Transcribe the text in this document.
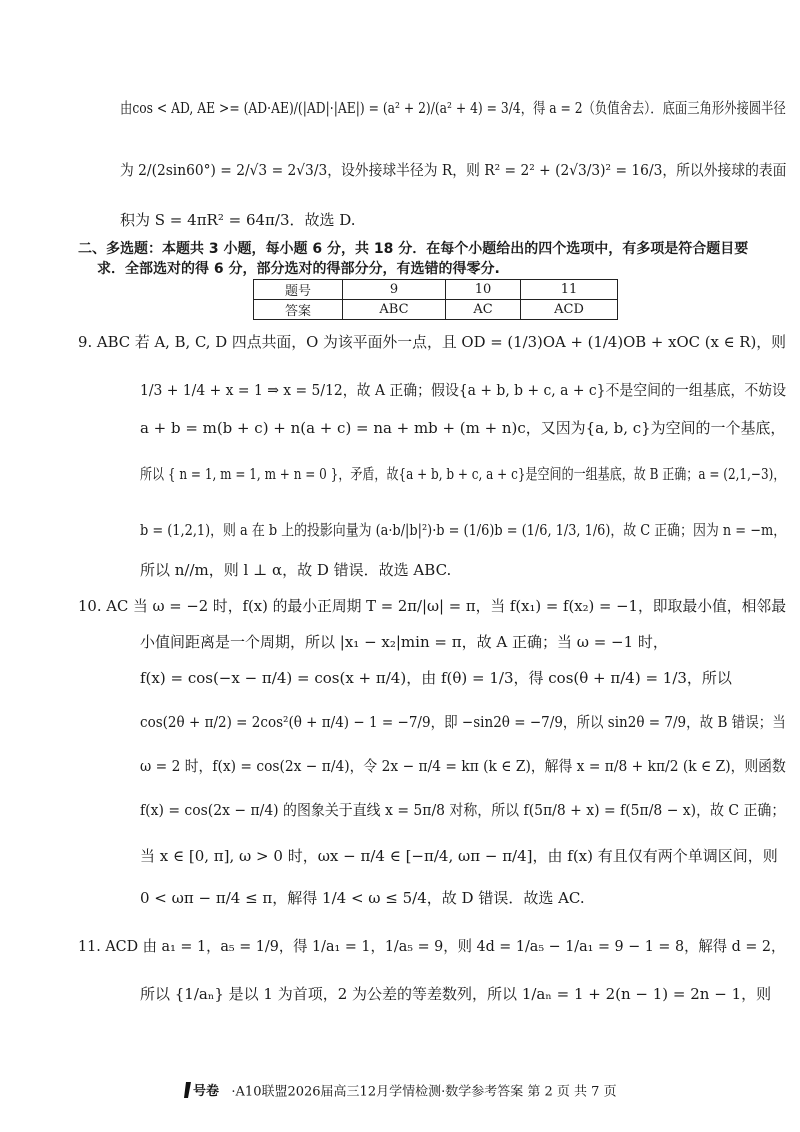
由cos < AD, AE >= (AD·AE)/(|AD|·|AE|) = (a² + 2)/(a² + 4) = 3/4，得 a = 2（负值舍去）．底面三角形外接圆半径
为 2/(2sin60°) = 2/√3 = 2√3/3，设外接球半径为 R，则 R² = 2² + (2√3/3)² = 16/3，所以外接球的表面
积为 S = 4πR² = 64π/3．故选 D.
9. ABC 若 A, B, C, D 四点共面，O 为该平面外一点，且 OD = (1/3)OA + (1/4)OB + xOC (x ∈ R)，则
1/3 + 1/4 + x = 1 ⇒ x = 5/12，故 A 正确；假设{a + b, b + c, a + c}不是空间的一组基底，不妨设
a + b = m(b + c) + n(a + c) = na + mb + (m + n)c，又因为{a, b, c}为空间的一个基底，
所以 { n = 1, m = 1, m + n = 0 }，矛盾，故{a + b, b + c, a + c}是空间的一组基底，故 B 正确；a = (2,1,−3)，
b = (1,2,1)，则 a 在 b 上的投影向量为 (a·b/|b|²)·b = (1/6)b = (1/6, 1/3, 1/6)，故 C 正确；因为 n = −m，
所以 n//m，则 l ⊥ α，故 D 错误．故选 ABC.
10. AC 当 ω = −2 时，f(x) 的最小正周期 T = 2π/|ω| = π，当 f(x₁) = f(x₂) = −1，即取最小值，相邻最
小值间距离是一个周期，所以 |x₁ − x₂|min = π，故 A 正确；当 ω = −1 时，
f(x) = cos(−x − π/4) = cos(x + π/4)，由 f(θ) = 1/3，得 cos(θ + π/4) = 1/3，所以
cos(2θ + π/2) = 2cos²(θ + π/4) − 1 = −7/9，即 −sin2θ = −7/9，所以 sin2θ = 7/9，故 B 错误；当
ω = 2 时，f(x) = cos(2x − π/4)，令 2x − π/4 = kπ (k ∈ Z)，解得 x = π/8 + kπ/2 (k ∈ Z)，则函数
f(x) = cos(2x − π/4) 的图象关于直线 x = 5π/8 对称，所以 f(5π/8 + x) = f(5π/8 − x)，故 C 正确；
当 x ∈ [0, π], ω > 0 时，ωx − π/4 ∈ [−π/4, ωπ − π/4]，由 f(x) 有且仅有两个单调区间，则
0 < ωπ − π/4 ≤ π，解得 1/4 < ω ≤ 5/4，故 D 错误．故选 AC.
11. ACD 由 a₁ = 1，a₅ = 1/9，得 1/a₁ = 1，1/a₅ = 9，则 4d = 1/a₅ − 1/a₁ = 9 − 1 = 8，解得 d = 2，
所以 {1/aₙ} 是以 1 为首项，2 为公差的等差数列，所以 1/aₙ = 1 + 2(n − 1) = 2n − 1，则
二、多选题：本题共 3 小题，每小题 6 分，共 18 分．在每个小题给出的四个选项中，有多项是符合题目要
求．全部选对的得 6 分，部分选对的得部分分，有选错的得零分.
题号	9	10	11
答案	ABC	AC	ACD
号卷 ·A10联盟2026届高三12月学情检测·数学参考答案 第 2 页 共 7 页
